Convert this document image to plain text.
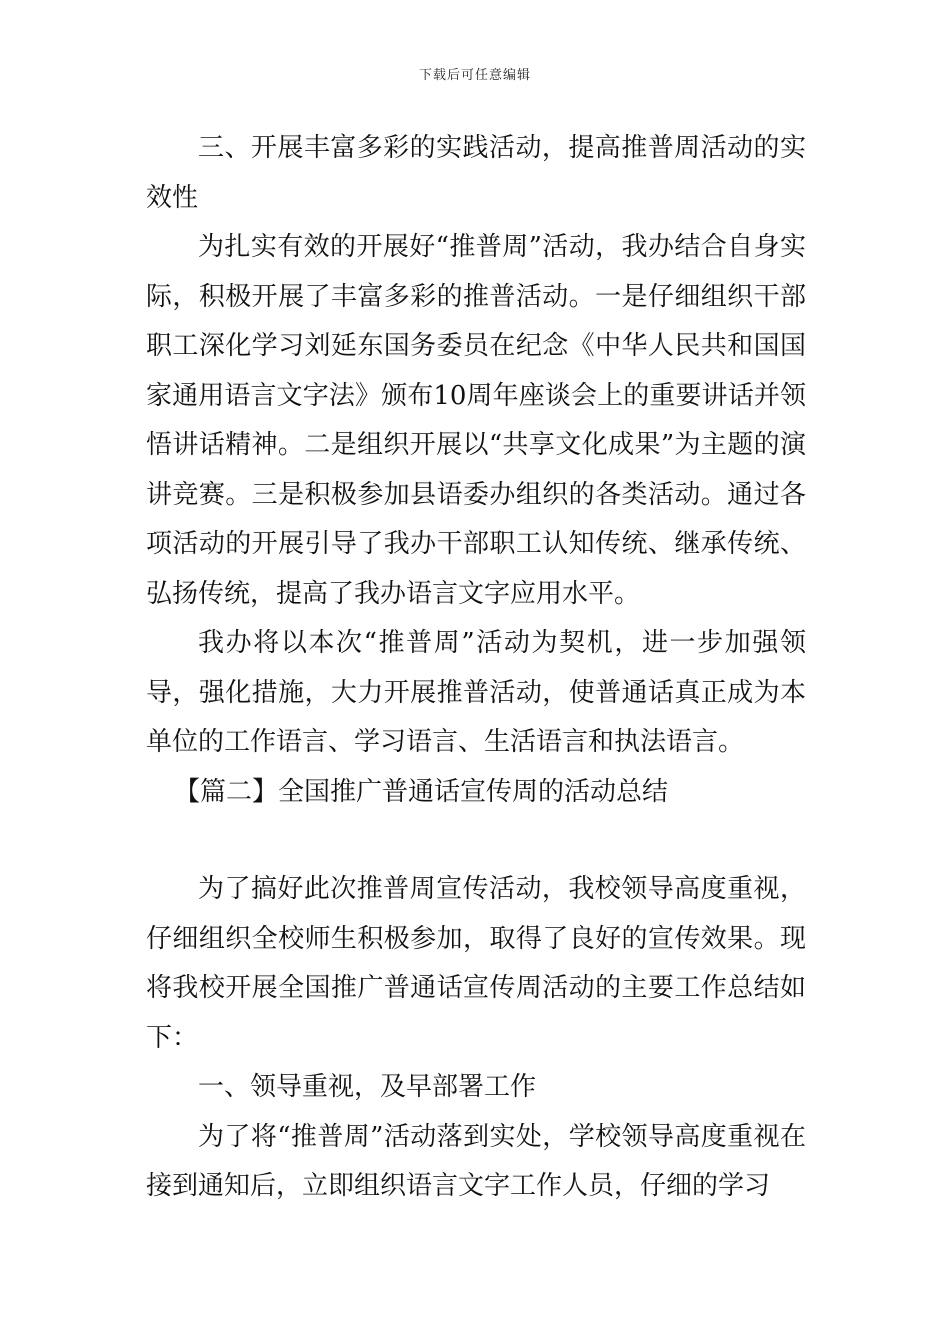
下载后可任意编辑

三、开展丰富多彩的实践活动，提高推普周活动的实效性

为扎实有效的开展好“推普周”活动，我办结合自身实际，积极开展了丰富多彩的推普活动。一是仔细组织干部职工深化学习刘延东国务委员在纪念《中华人民共和国国家通用语言文字法》颁布10周年座谈会上的重要讲话并领悟讲话精神。二是组织开展以“共享文化成果”为主题的演讲竞赛。三是积极参加县语委办组织的各类活动。通过各项活动的开展引导了我办干部职工认知传统、继承传统、弘扬传统，提高了我办语言文字应用水平。

我办将以本次“推普周”活动为契机，进一步加强领导，强化措施，大力开展推普活动，使普通话真正成为本单位的工作语言、学习语言、生活语言和执法语言。

【篇二】全国推广普通话宣传周的活动总结

为了搞好此次推普周宣传活动，我校领导高度重视，仔细组织全校师生积极参加，取得了良好的宣传效果。现将我校开展全国推广普通话宣传周活动的主要工作总结如下：

一、领导重视，及早部署工作

为了将“推普周”活动落到实处，学校领导高度重视在接到通知后，立即组织语言文字工作人员，仔细的学习
